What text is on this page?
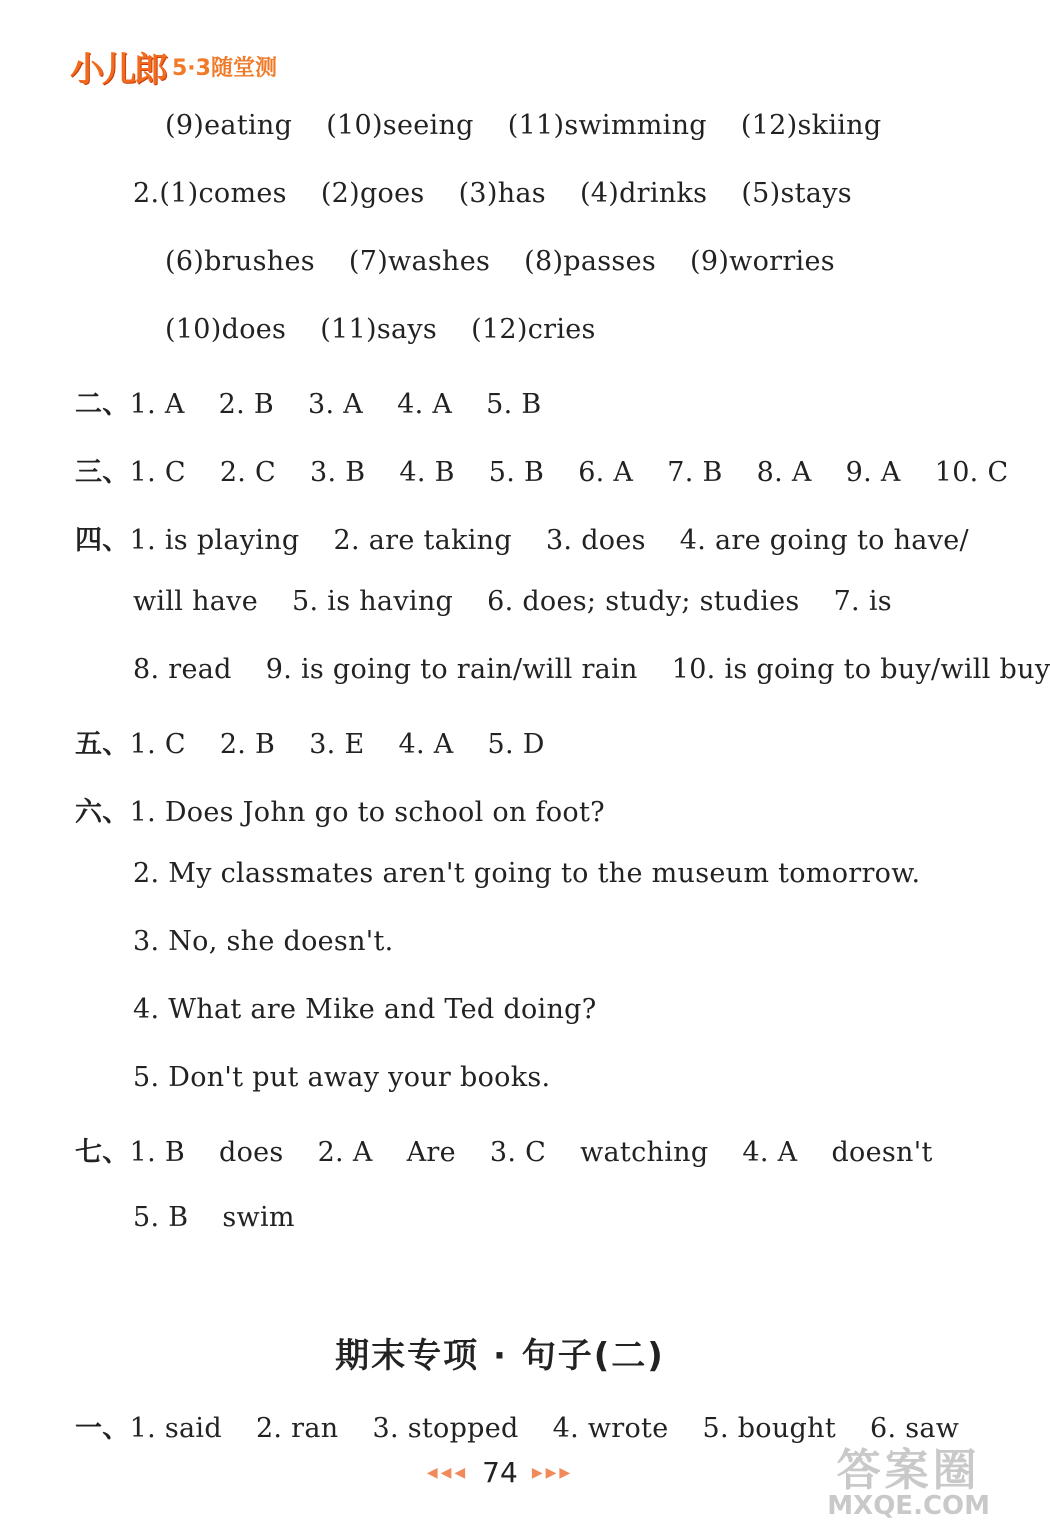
小儿郎 5·3随堂测
(9)eating (10)seeing (11)swimming (12)skiing
2.(1)comes (2)goes (3)has (4)drinks (5)stays
(6)brushes (7)washes (8)passes (9)worries
(10)does (11)says (12)cries
二、1. A 2. B 3. A 4. A 5. B
三、1. C 2. C 3. B 4. B 5. B 6. A 7. B 8. A 9. A 10. C
四、1. is playing 2. are taking 3. does 4. are going to have/
will have 5. is having 6. does; study; studies 7. is
8. read 9. is going to rain/will rain 10. is going to buy/will buy
五、1. C 2. B 3. E 4. A 5. D
六、1. Does John go to school on foot?
2. My classmates aren't going to the museum tomorrow.
3. No, she doesn't.
4. What are Mike and Ted doing?
5. Don't put away your books.
七、1. B does 2. A Are 3. C watching 4. A doesn't
5. B swim
一、1. said 2. ran 3. stopped 4. wrote 5. bought 6. saw
期末专项 · 句子(二)
◀◀◀ 74 ▶▶▶	答案圈
MXQE.COM
